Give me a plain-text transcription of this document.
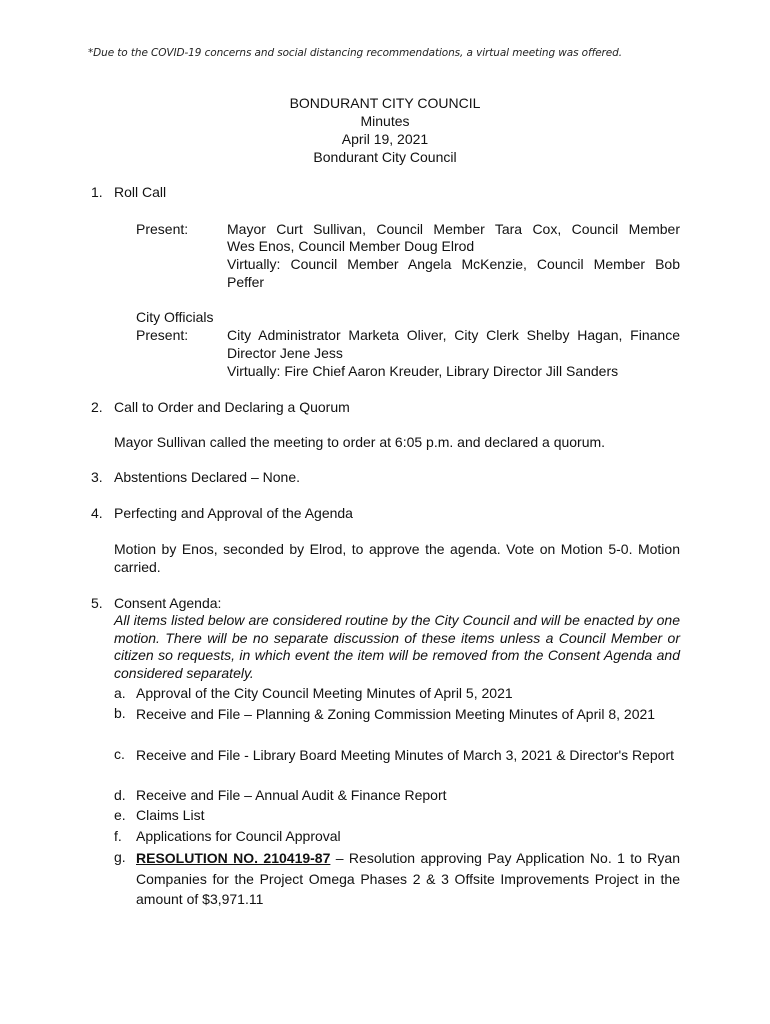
*Due to the COVID-19 concerns and social distancing recommendations, a virtual meeting was offered.
BONDURANT CITY COUNCIL
Minutes
April 19, 2021
Bondurant City Council
1. Roll Call
Present:	Mayor Curt Sullivan, Council Member Tara Cox, Council Member
Wes Enos, Council Member Doug Elrod
Virtually: Council Member Angela McKenzie, Council Member Bob
Peffer
City Officials
Present:	City Administrator Marketa Oliver, City Clerk Shelby Hagan, Finance
Director Jene Jess
Virtually: Fire Chief Aaron Kreuder, Library Director Jill Sanders
2. Call to Order and Declaring a Quorum
Mayor Sullivan called the meeting to order at 6:05 p.m. and declared a quorum.
3. Abstentions Declared – None.
4. Perfecting and Approval of the Agenda
Motion by Enos, seconded by Elrod, to approve the agenda. Vote on Motion 5-0. Motion carried.
5. Consent Agenda:
All items listed below are considered routine by the City Council and will be enacted by one motion. There will be no separate discussion of these items unless a Council Member or citizen so requests, in which event the item will be removed from the Consent Agenda and considered separately.
a. Approval of the City Council Meeting Minutes of April 5, 2021
b. Receive and File – Planning & Zoning Commission Meeting Minutes of April 8, 2021
c. Receive and File - Library Board Meeting Minutes of March 3, 2021 & Director's Report
d. Receive and File – Annual Audit & Finance Report
e. Claims List
f. Applications for Council Approval
g. RESOLUTION NO. 210419-87 – Resolution approving Pay Application No. 1 to Ryan Companies for the Project Omega Phases 2 & 3 Offsite Improvements Project in the amount of $3,971.11
